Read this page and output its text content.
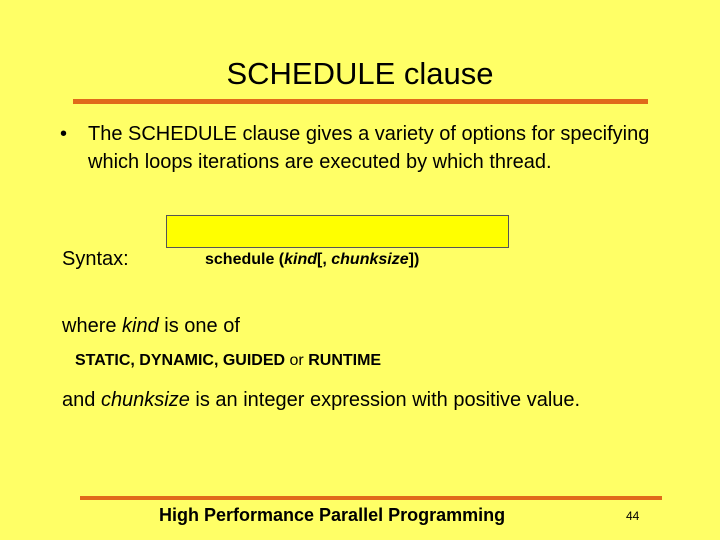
SCHEDULE clause
• The SCHEDULE clause gives a variety of options for specifying which loops iterations are executed by which thread.
Syntax:	schedule (kind[, chunksize])
where kind is one of
STATIC, DYNAMIC, GUIDED or RUNTIME
and chunksize is an integer expression with positive value.
High Performance Parallel Programming	44
